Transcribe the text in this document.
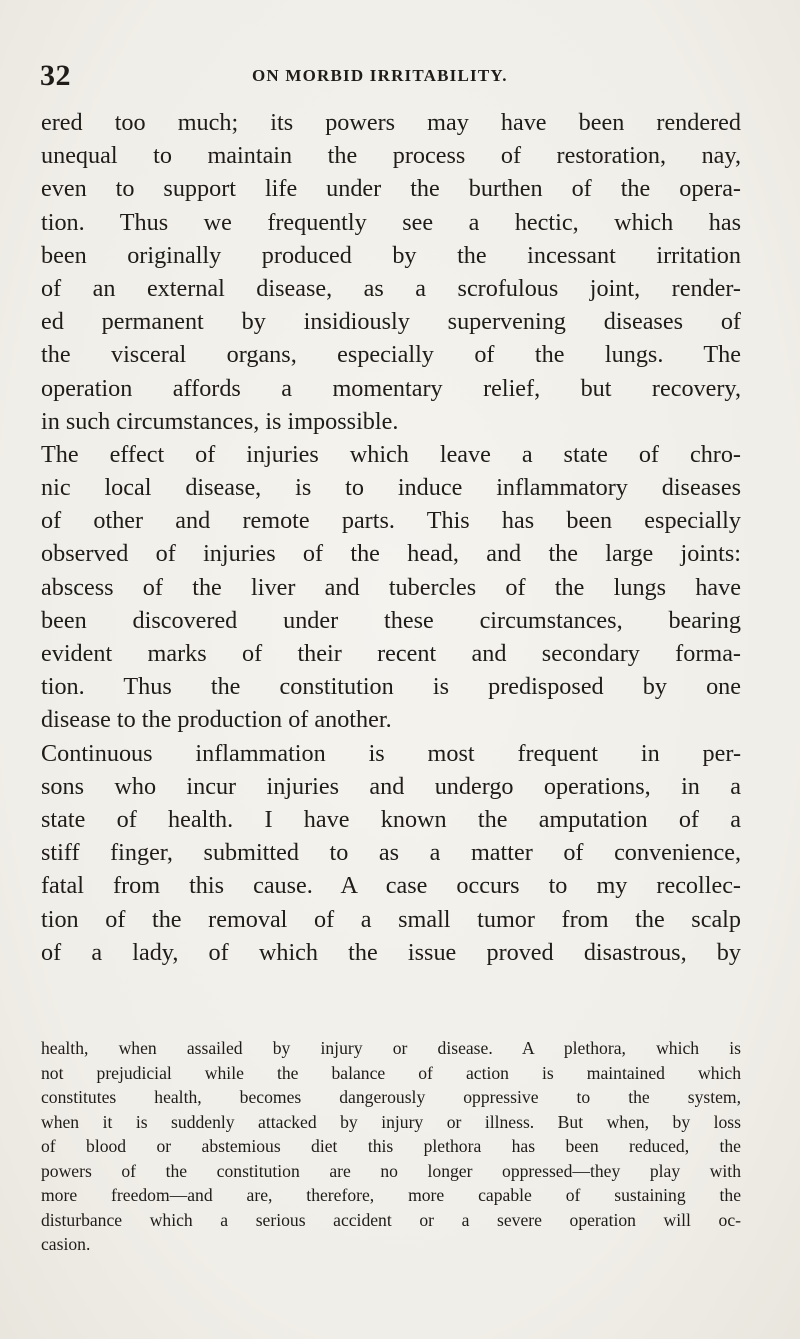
32	ON MORBID IRRITABILITY.
ered too much; its powers may have been rendered
unequal to maintain the process of restoration, nay,
even to support life under the burthen of the opera-
tion. Thus we frequently see a hectic, which has
been originally produced by the incessant irritation
of an external disease, as a scrofulous joint, render-
ed permanent by insidiously supervening diseases of
the visceral organs, especially of the lungs. The
operation affords a momentary relief, but recovery,
in such circumstances, is impossible.
The effect of injuries which leave a state of chro-
nic local disease, is to induce inflammatory diseases
of other and remote parts. This has been especially
observed of injuries of the head, and the large joints:
abscess of the liver and tubercles of the lungs have
been discovered under these circumstances, bearing
evident marks of their recent and secondary forma-
tion. Thus the constitution is predisposed by one
disease to the production of another.
Continuous inflammation is most frequent in per-
sons who incur injuries and undergo operations, in a
state of health. I have known the amputation of a
stiff finger, submitted to as a matter of convenience,
fatal from this cause. A case occurs to my recollec-
tion of the removal of a small tumor from the scalp
of a lady, of which the issue proved disastrous, by
health, when assailed by injury or disease. A plethora, which is
not prejudicial while the balance of action is maintained which
constitutes health, becomes dangerously oppressive to the system,
when it is suddenly attacked by injury or illness. But when, by loss
of blood or abstemious diet this plethora has been reduced, the
powers of the constitution are no longer oppressed—they play with
more freedom—and are, therefore, more capable of sustaining the
disturbance which a serious accident or a severe operation will oc-
casion.
